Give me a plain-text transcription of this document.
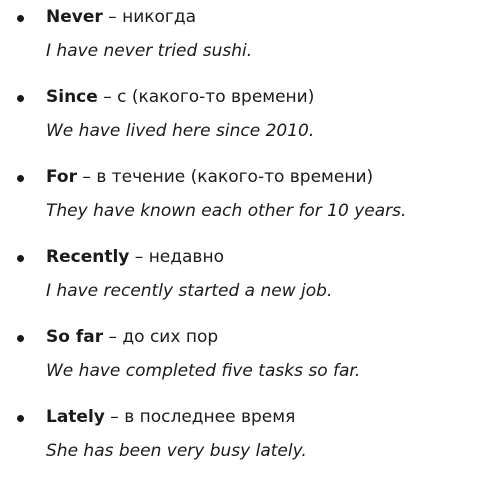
Never – никогда
I have never tried sushi.
Since – с (какого-то времени)
We have lived here since 2010.
For – в течение (какого-то времени)
They have known each other for 10 years.
Recently – недавно
I have recently started a new job.
So far – до сих пор
We have completed five tasks so far.
Lately – в последнее время
She has been very busy lately.
